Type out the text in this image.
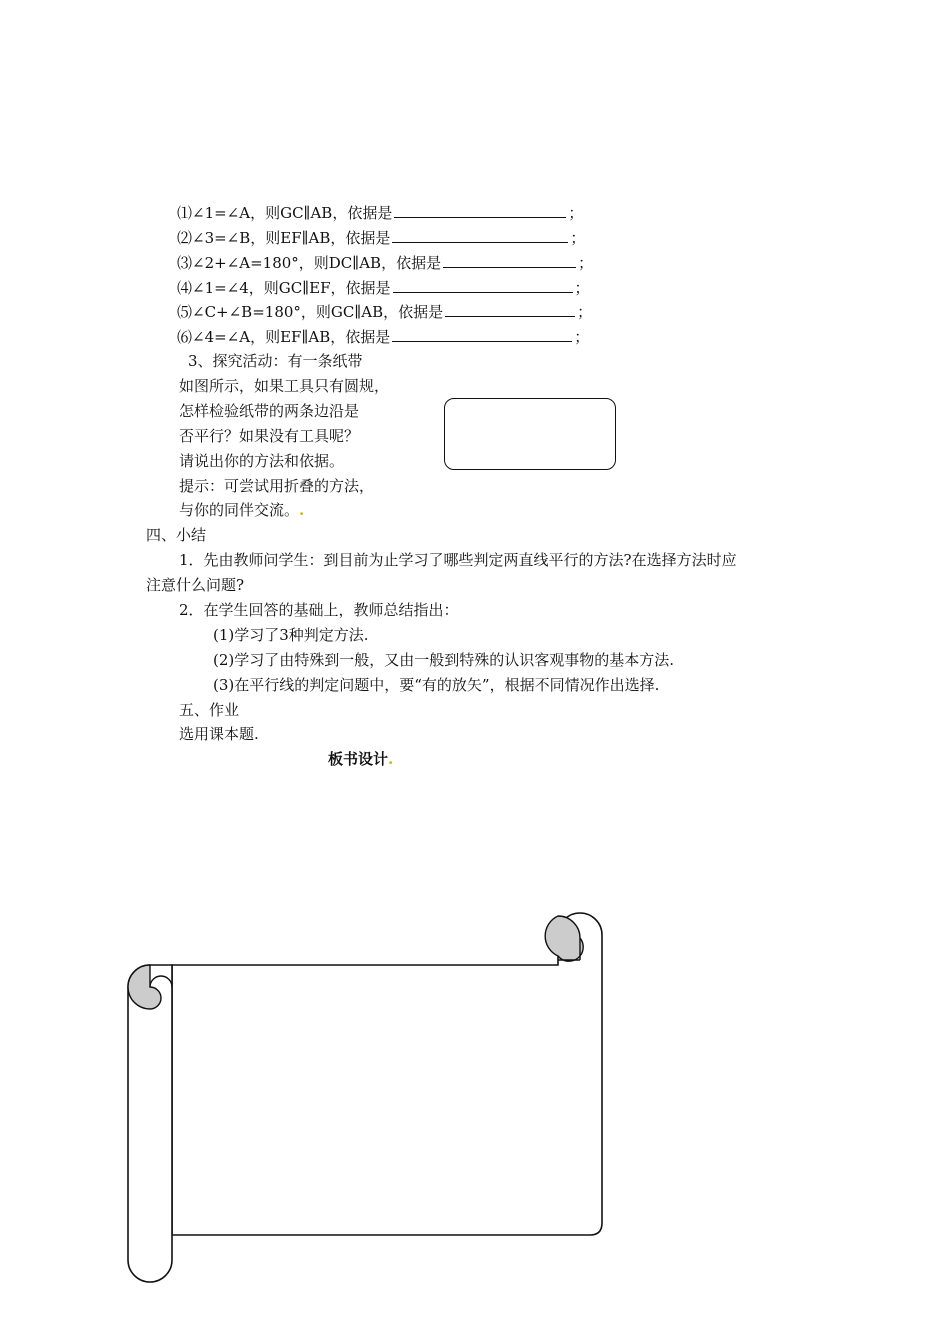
⑴∠1=∠A，则GC∥AB，依据是	；
⑵∠3=∠B，则EF∥AB，依据是	；
⑶∠2+∠A=180°，则DC∥AB，依据是	；
⑷∠1=∠4，则GC∥EF，依据是	；
⑸∠C+∠B=180°，则GC∥AB，依据是	；
⑹∠4=∠A，则EF∥AB，依据是	；
3、探究活动：有一条纸带
如图所示，如果工具只有圆规，
怎样检验纸带的两条边沿是
否平行？如果没有工具呢？
请说出你的方法和依据。
提示：可尝试用折叠的方法，
与你的同伴交流。.
四、小结
1．先由教师问学生：到目前为止学习了哪些判定两直线平行的方法?在选择方法时应
注意什么问题?
2．在学生回答的基础上，教师总结指出：
(1)学习了3种判定方法.
(2)学习了由特殊到一般，又由一般到特殊的认识客观事物的基本方法.
(3)在平行线的判定问题中，要“有的放矢”，根据不同情况作出选择.
五、作业
选用课本题.
板书设计.
